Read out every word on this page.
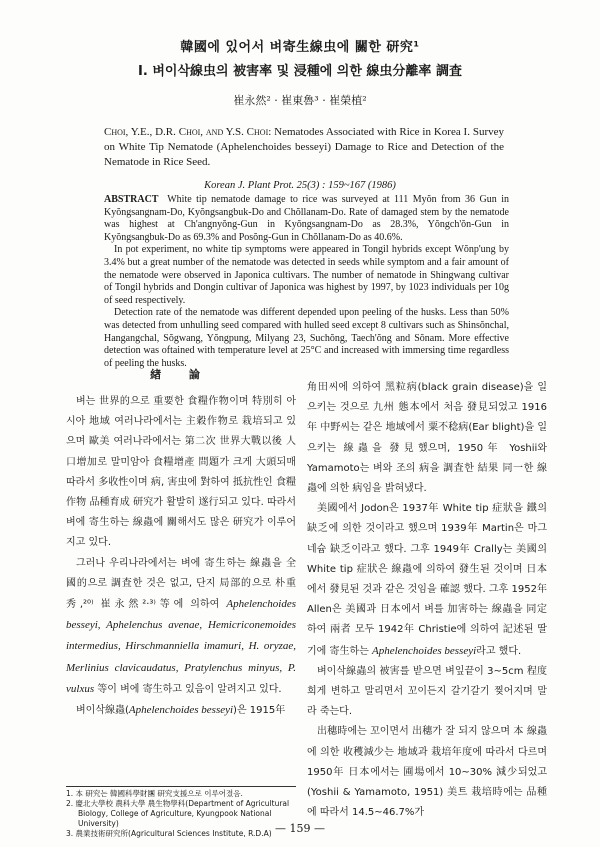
韓國에 있어서 벼寄生線虫에 關한 研究¹
Ⅰ. 벼이삭線虫의 被害率 및 浸種에 의한 線虫分離率 調査
崔永然² · 崔東魯³ · 崔榮植²
Choi, Y.E., D.R. Choi, and Y.S. Choi: Nematodes Associated with Rice in Korea I. Survey on White Tip Nematode (Aphelenchoides besseyi) Damage to Rice and Detection of the Nematode in Rice Seed.
Korean J. Plant Prot. 25(3) : 159~167 (1986)

ABSTRACT White tip nematode damage to rice was surveyed at 111 Myŏn from 36 Gun in Kyŏngsangnam-Do, Kyŏngsangbuk-Do and Chŏllanam-Do. Rate of damaged stem by the nematode was highest at Ch'angnyŏng-Gun in Kyŏngsangnam-Do as 28.3%, Yŏngch'ŏn-Gun in Kyŏngsangbuk-Do as 69.3% and Posŏng-Gun in Chŏllanam-Do as 40.6%.

In pot experiment, no white tip symptoms were appeared in Tongil hybrids except Wŏnp'ung by 3.4% but a great number of the nematode was detected in seeds while symptom and a fair amount of the nematode were observed in Japonica cultivars. The number of nematode in Shingwang cultivar of Tongil hybrids and Dongin cultivar of Japonica was highest by 1997, by 1023 individuals per 10g of seed respectively.

Detection rate of the nematode was different depended upon peeling of the husks. Less than 50% was detected from unhulling seed compared with hulled seed except 8 cultivars such as Shinsŏnchal, Hangangchal, Sŏgwang, Yŏngpung, Milyang 23, Suchŏng, Taech'ŏng and Sŏnam. More effective detection was oftained with temperature level at 25°C and increased with immersing time regardless of peeling the husks.

緖 論

벼는 世界的으로 重要한 食糧作物이며 特別히 아시아 地域 여러나라에서는 主穀作物로 栽培되고 있으며 歐美 여러나라에서는 第二次 世界大戰以後 人口增加로 말미암아 食糧增產 問題가 크게 大頭되매 따라서 多收性이며 病, 害虫에 對하여 抵抗性인 食糧作物 品種育成 研究가 활발히 遂行되고 있다. 따라서 벼에 寄生하는 線蟲에 關해서도 많은 研究가 이루어지고 있다.

그러나 우리나라에서는 벼에 寄生하는 線蟲을 全國的으로 調査한 것은 없고, 단지 局部的으로 朴重秀,²⁰⁾ 崔永然²·³⁾等에 의하여 Aphelenchoides besseyi, Aphelenchus avenae, Hemicriconemoides intermedius, Hirschmanniella imamuri, H. oryzae, Merlinius clavicaudatus, Pratylenchus minyus, P. vulxus 等이 벼에 寄生하고 있음이 알려지고 있다.

벼이삭線蟲(Aphelenchoides besseyi)은 1915年

角田씨에 의하여 黑粒病(black grain disease)을 일으키는 것으로 九州 態本에서 처음 發見되었고 1916年 中野씨는 같은 地域에서 粟不稔病(Ear blight)을 일으키는 線蟲을 發見했으며, 1950年 Yoshii와 Yamamoto는 벼와 조의 病을 調査한 結果 同一한 線蟲에 의한 病임을 밝혀냈다.

美國에서 Jodon은 1937年 White tip 症狀을 鐵의 缺乏에 의한 것이라고 했으며 1939年 Martin은 마그네슘 缺乏이라고 했다. 그후 1949年 Crally는 美國의 White tip 症狀은 線蟲에 의하여 發生된 것이며 日本에서 發見된 것과 같은 것임을 確認 했다. 그후 1952年 Allen은 美國과 日本에서 벼를 加害하는 線蟲을 同定하여 兩者 모두 1942年 Christie에 의하여 記述된 딸기에 寄生하는 Aphelenchoides besseyi라고 했다.

벼이삭線蟲의 被害를 받으면 벼잎끝이 3~5cm 程度 희게 변하고 말리면서 꼬이든지 갈기갈기 찢어지며 말라 죽는다.

出穗時에는 꼬이면서 出穗가 잘 되지 않으며 本 線蟲에 의한 收穫減少는 地域과 栽培年度에 따라서 다르며 1950年 日本에서는 圃場에서 10~30% 減少되었고(Yoshii & Yamamoto, 1951) 美트 栽培時에는 品種에 따라서 14.5~46.7%가

1. 本 研究는 韓國科學財團 研究支援으로 이루어졌음.
2. 慶北大學校 農科大學 農生物學科(Department of Agricultural Biology, College of Agriculture, Kyungpook National University)
3. 農業技術研究所(Agricultural Sciences Institute, R.D.A) — 159 —
